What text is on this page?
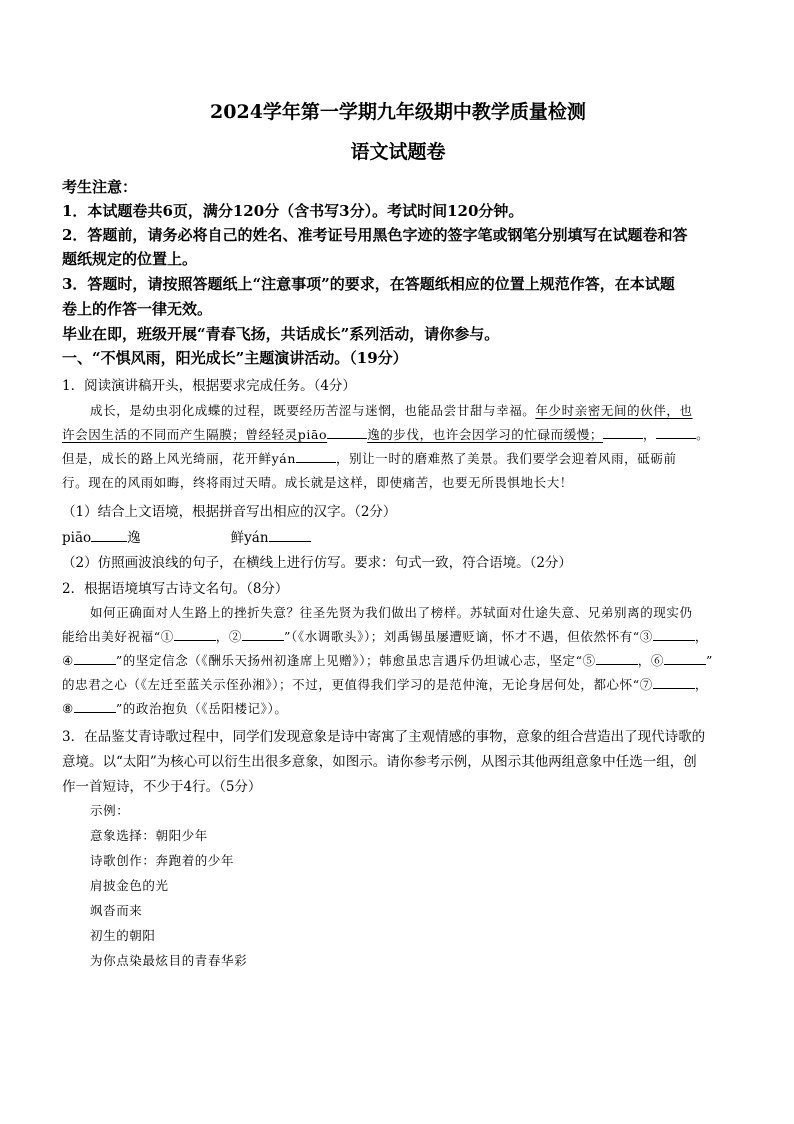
2024学年第一学期九年级期中教学质量检测
语文试题卷
考生注意：
1．本试题卷共6页，满分120分（含书写3分）。考试时间120分钟。
2．答题前，请务必将自己的姓名、准考证号用黑色字迹的签字笔或钢笔分别填写在试题卷和答
题纸规定的位置上。
3．答题时，请按照答题纸上“注意事项”的要求，在答题纸相应的位置上规范作答，在本试题
卷上的作答一律无效。
毕业在即，班级开展“青春飞扬，共话成长”系列活动，请你参与。
一、“不惧风雨，阳光成长”主题演讲活动。（19分）
1．阅读演讲稿开头，根据要求完成任务。（4分）
成长，是幼虫羽化成蝶的过程，既要经历苦涩与迷惘，也能品尝甘甜与幸福。年少时亲密无间的伙伴，也
许会因生活的不同而产生隔膜；曾经轻灵piāo	逸的步伐，也许会因学习的忙碌而缓慢；	，	。
但是，成长的路上风光绮丽，花开鲜yán	，别让一时的磨难熬了美景。我们要学会迎着风雨，砥砺前
行。现在的风雨如晦，终将雨过天晴。成长就是这样，即使痛苦，也要无所畏惧地长大！
（1）结合上文语境，根据拼音写出相应的汉字。（2分）
piāo	逸	鲜yán
（2）仿照画波浪线的句子，在横线上进行仿写。要求：句式一致，符合语境。（2分）
2．根据语境填写古诗文名句。（8分）
如何正确面对人生路上的挫折失意？往圣先贤为我们做出了榜样。苏轼面对仕途失意、兄弟别离的现实仍
能给出美好祝福“①	，②	”（《水调歌头》）；刘禹锡虽屡遭贬谪，怀才不遇，但依然怀有“③	，
④	”的坚定信念（《酬乐天扬州初逢席上见赠》）；韩愈虽忠言遇斥仍坦诚心志，坚定“⑤	，⑥	”
的忠君之心（《左迁至蓝关示侄孙湘》）；不过，更值得我们学习的是范仲淹，无论身居何处，都心怀“⑦	，
⑧	”的政治抱负（《岳阳楼记》）。
3．在品鉴艾青诗歌过程中，同学们发现意象是诗中寄寓了主观情感的事物，意象的组合营造出了现代诗歌的
意境。以“太阳”为核心可以衍生出很多意象，如图示。请你参考示例，从图示其他两组意象中任选一组，创
作一首短诗，不少于4行。（5分）
示例：
意象选择：朝阳少年
诗歌创作：奔跑着的少年
肩披金色的光
飒沓而来
初生的朝阳
为你点染最炫目的青春华彩
